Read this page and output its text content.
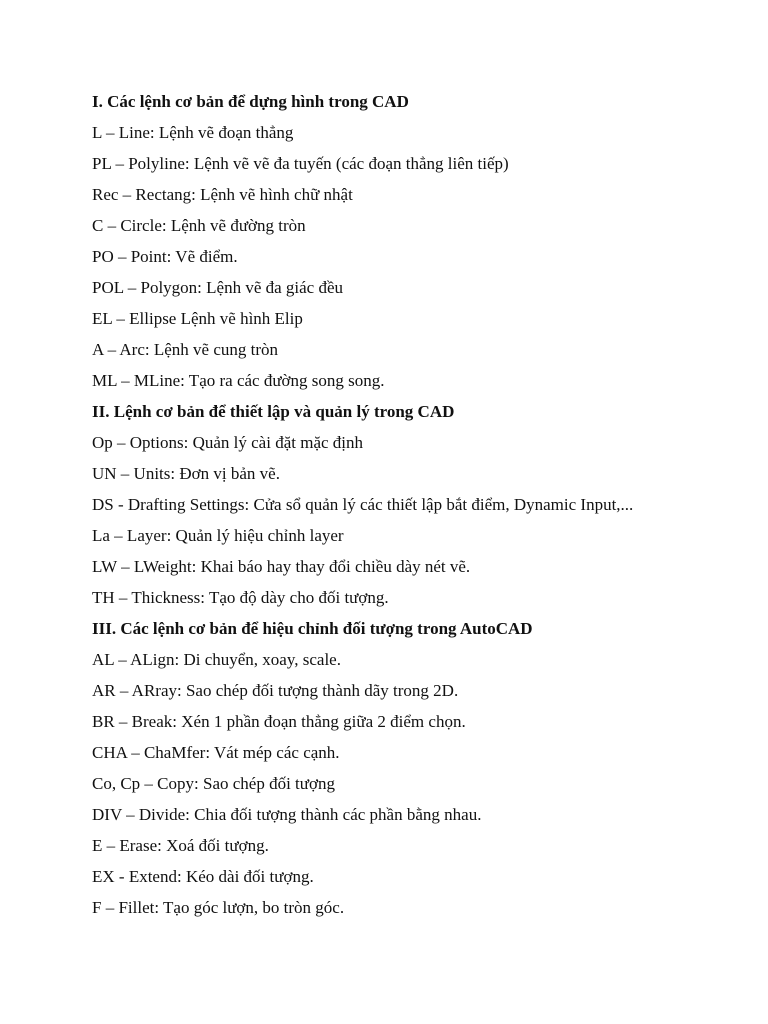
I. Các lệnh cơ bản để dựng hình trong CAD
L – Line: Lệnh vẽ đoạn thẳng
PL – Polyline: Lệnh vẽ vẽ đa tuyến (các đoạn thẳng liên tiếp)
Rec – Rectang: Lệnh vẽ hình chữ nhật
C – Circle: Lệnh vẽ đường tròn
PO – Point: Vẽ điểm.
POL – Polygon: Lệnh vẽ đa giác đều
EL – Ellipse Lệnh vẽ hình Elip
A – Arc: Lệnh vẽ cung tròn
ML – MLine: Tạo ra các đường song song.
II. Lệnh cơ bản để thiết lập và quản lý trong CAD
Op – Options: Quản lý cài đặt mặc định
UN – Units: Đơn vị bản vẽ.
DS - Drafting Settings: Cửa sổ quản lý các thiết lập bắt điểm, Dynamic Input,...
La – Layer: Quản lý hiệu chỉnh layer
LW – LWeight: Khai báo hay thay đổi chiều dày nét vẽ.
TH – Thickness: Tạo độ dày cho đối tượng.
III. Các lệnh cơ bản để hiệu chỉnh đối tượng trong AutoCAD
AL – ALign: Di chuyển, xoay, scale.
AR – ARray: Sao chép đối tượng thành dãy trong 2D.
BR – Break: Xén 1 phần đoạn thẳng giữa 2 điểm chọn.
CHA – ChaMfer: Vát mép các cạnh.
Co, Cp – Copy: Sao chép đối tượng
DIV – Divide: Chia đối tượng thành các phần bằng nhau.
E – Erase: Xoá đối tượng.
EX - Extend: Kéo dài đối tượng.
F – Fillet: Tạo góc lượn, bo tròn góc.
